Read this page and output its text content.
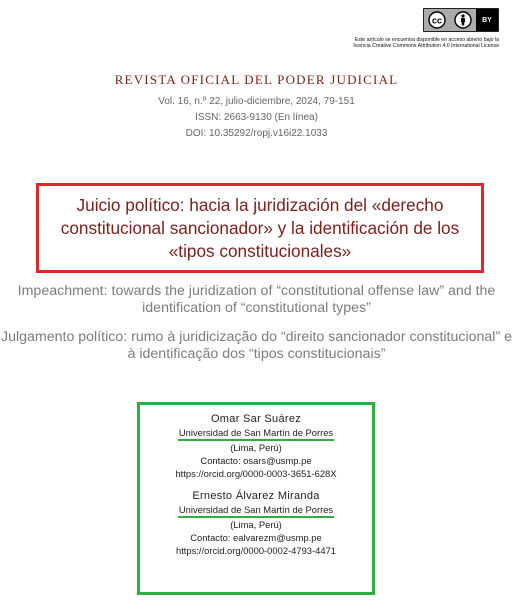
cc	BY
Este artículo se encuentra disponible en acceso abierto bajo la licencia Creative Commons Attribution 4.0 International License
REVISTA OFICIAL DEL PODER JUDICIAL
Vol. 16, n.º 22, julio-diciembre, 2024, 79-151
ISSN: 2663-9130 (En línea)
DOI: 10.35292/ropj.v16i22.1033
Juicio político: hacia la juridización del «derecho constitucional sancionador» y la identificación de los «tipos constitucionales»
Impeachment: towards the juridization of “constitutional offense law” and the identification of “constitutional types”
Julgamento político: rumo à juridicização do “direito sancionador constitucional” e à identificação dos “tipos constitucionais”
Omar Sar Suárez
Universidad de San Martín de Porres
(Lima, Perú)
Contacto: osars@usmp.pe
https://orcid.org/0000-0003-3651-628X
Ernesto Álvarez Miranda
Universidad de San Martín de Porres
(Lima, Perú)
Contacto: ealvarezm@usmp.pe
https://orcid.org/0000-0002-4793-4471
